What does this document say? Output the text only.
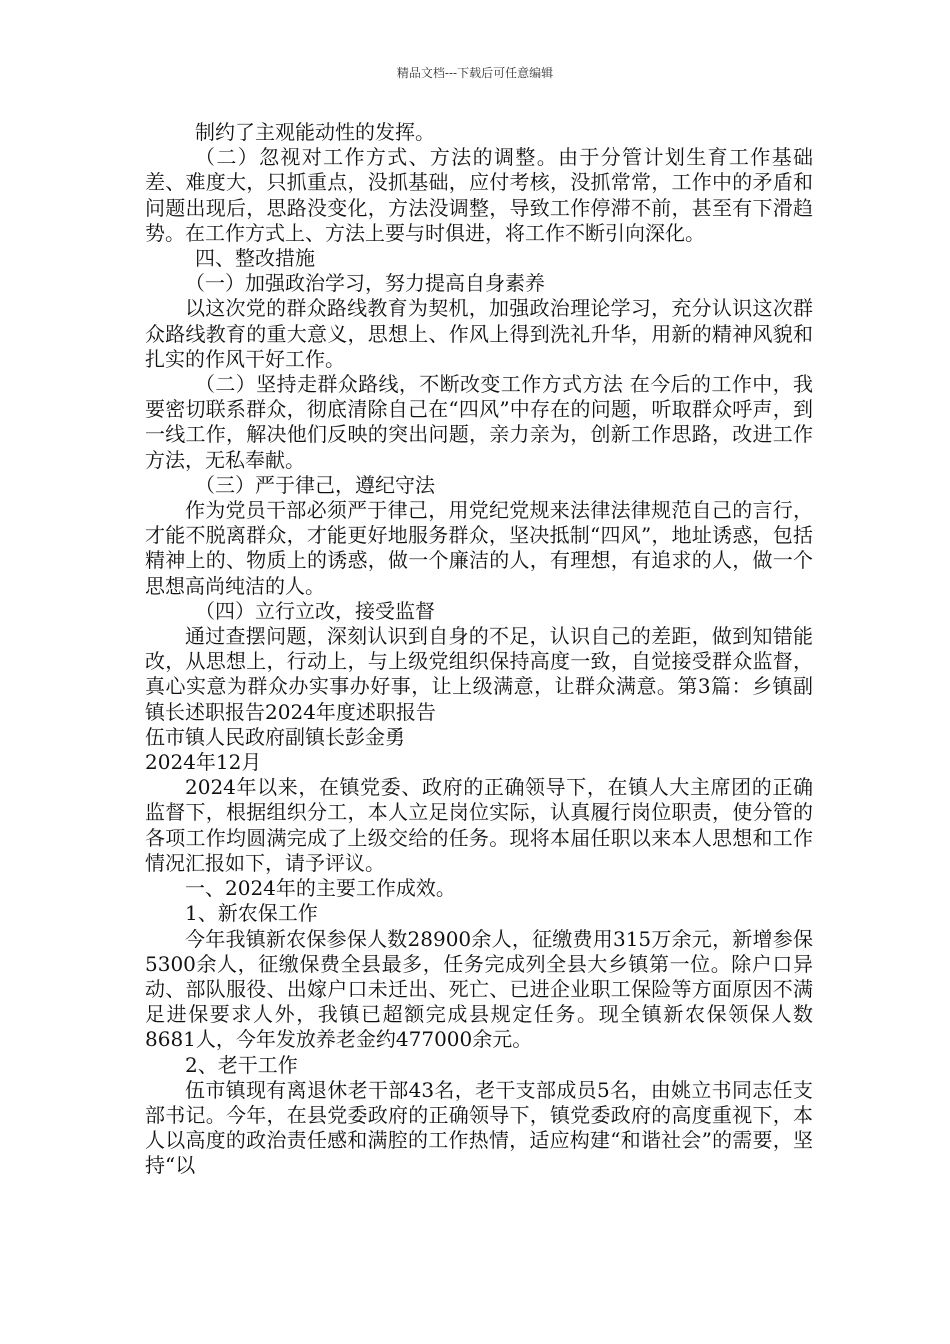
精品文档---下载后可任意编辑

制约了主观能动性的发挥。

（二）忽视对工作方式、方法的调整。由于分管计划生育工作基础差、难度大，只抓重点，没抓基础，应付考核，没抓常常，工作中的矛盾和问题出现后，思路没变化，方法没调整，导致工作停滞不前，甚至有下滑趋势。在工作方式上、方法上要与时俱进，将工作不断引向深化。

四、整改措施

（一）加强政治学习，努力提高自身素养

以这次党的群众路线教育为契机，加强政治理论学习，充分认识这次群众路线教育的重大意义，思想上、作风上得到洗礼升华，用新的精神风貌和扎实的作风干好工作。

（二）坚持走群众路线，不断改变工作方式方法 在今后的工作中，我要密切联系群众，彻底清除自己在“四风”中存在的问题，听取群众呼声，到一线工作，解决他们反映的突出问题，亲力亲为，创新工作思路，改进工作方法，无私奉献。

（三）严于律己，遵纪守法

作为党员干部必须严于律己，用党纪党规来法律法律规范自己的言行，才能不脱离群众，才能更好地服务群众，坚决抵制“四风”，地址诱惑，包括精神上的、物质上的诱惑，做一个廉洁的人，有理想，有追求的人，做一个思想高尚纯洁的人。

（四）立行立改，接受监督

通过查摆问题，深刻认识到自身的不足，认识自己的差距，做到知错能改，从思想上，行动上，与上级党组织保持高度一致，自觉接受群众监督，真心实意为群众办实事办好事，让上级满意，让群众满意。第3篇：乡镇副镇长述职报告2024年度述职报告

伍市镇人民政府副镇长彭金勇

2024年12月

2024年以来，在镇党委、政府的正确领导下，在镇人大主席团的正确监督下，根据组织分工，本人立足岗位实际，认真履行岗位职责，使分管的各项工作均圆满完成了上级交给的任务。现将本届任职以来本人思想和工作情况汇报如下，请予评议。

一、2024年的主要工作成效。

1、新农保工作

今年我镇新农保参保人数28900余人，征缴费用315万余元，新增参保5300余人，征缴保费全县最多，任务完成列全县大乡镇第一位。除户口异动、部队服役、出嫁户口未迁出、死亡、已进企业职工保险等方面原因不满足进保要求人外，我镇已超额完成县规定任务。现全镇新农保领保人数8681人，今年发放养老金约477000余元。

2、老干工作

伍市镇现有离退休老干部43名，老干支部成员5名，由姚立书同志任支部书记。今年，在县党委政府的正确领导下，镇党委政府的高度重视下，本人以高度的政治责任感和满腔的工作热情，适应构建“和谐社会”的需要，坚持“以
